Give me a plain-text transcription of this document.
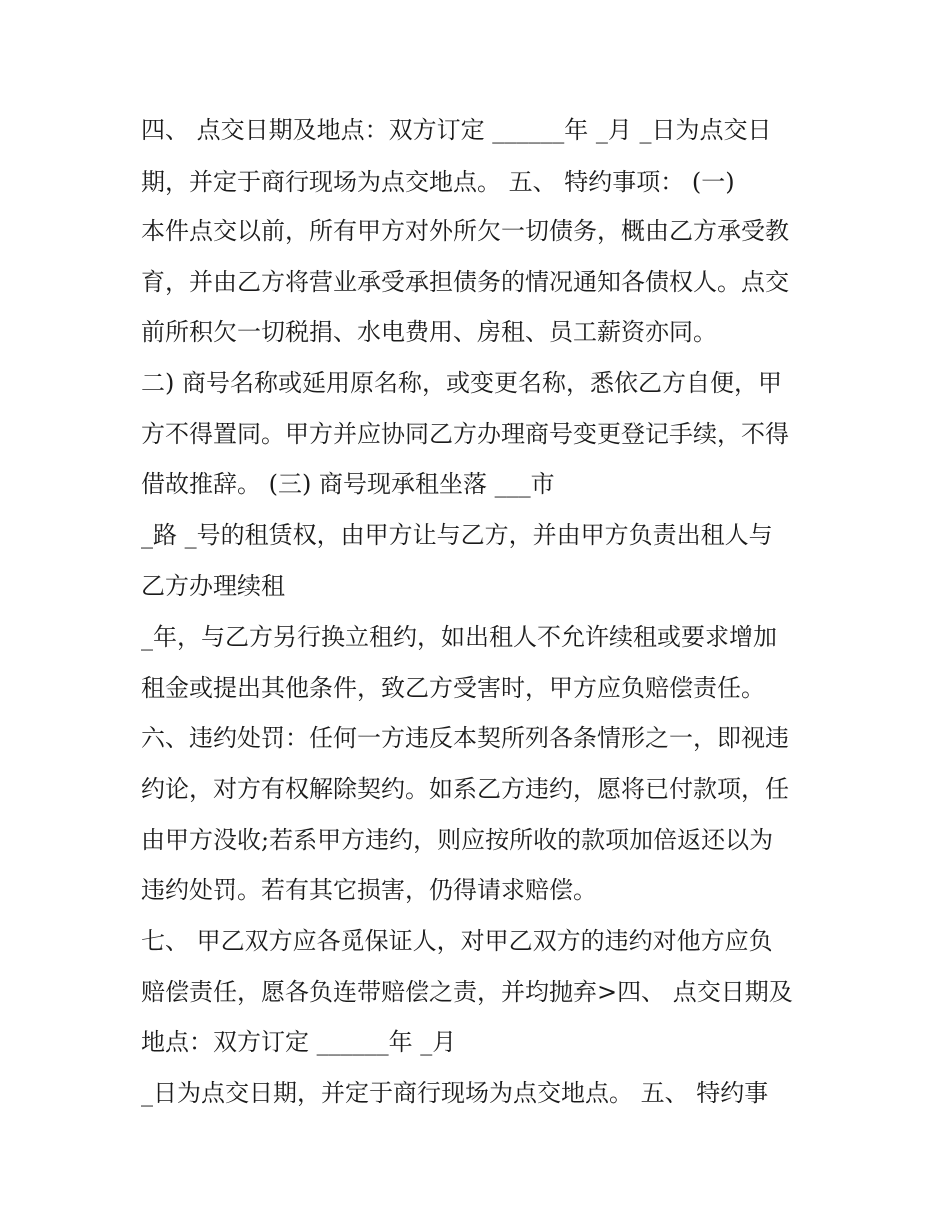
四、 点交日期及地点：双方订定 ______年 _月 _日为点交日
期，并定于商行现场为点交地点。 五、 特约事项： (一)
本件点交以前，所有甲方对外所欠一切债务，概由乙方承受教
育，并由乙方将营业承受承担债务的情况通知各债权人。点交
前所积欠一切税捐、水电费用、房租、员工薪资亦同。
二) 商号名称或延用原名称，或变更名称，悉依乙方自便，甲
方不得置同。甲方并应协同乙方办理商号变更登记手续，不得
借故推辞。 (三) 商号现承租坐落 ___市
_路 _号的租赁权，由甲方让与乙方，并由甲方负责出租人与
乙方办理续租
_年，与乙方另行换立租约，如出租人不允许续租或要求增加
租金或提出其他条件，致乙方受害时，甲方应负赔偿责任。
六、违约处罚：任何一方违反本契所列各条情形之一，即视违
约论，对方有权解除契约。如系乙方违约，愿将已付款项，任
由甲方没收;若系甲方违约，则应按所收的款项加倍返还以为
违约处罚。若有其它损害，仍得请求赔偿。
七、 甲乙双方应各觅保证人，对甲乙双方的违约对他方应负
赔偿责任，愿各负连带赔偿之责，并均抛弃>四、 点交日期及
地点：双方订定 ______年 _月
_日为点交日期，并定于商行现场为点交地点。 五、 特约事
